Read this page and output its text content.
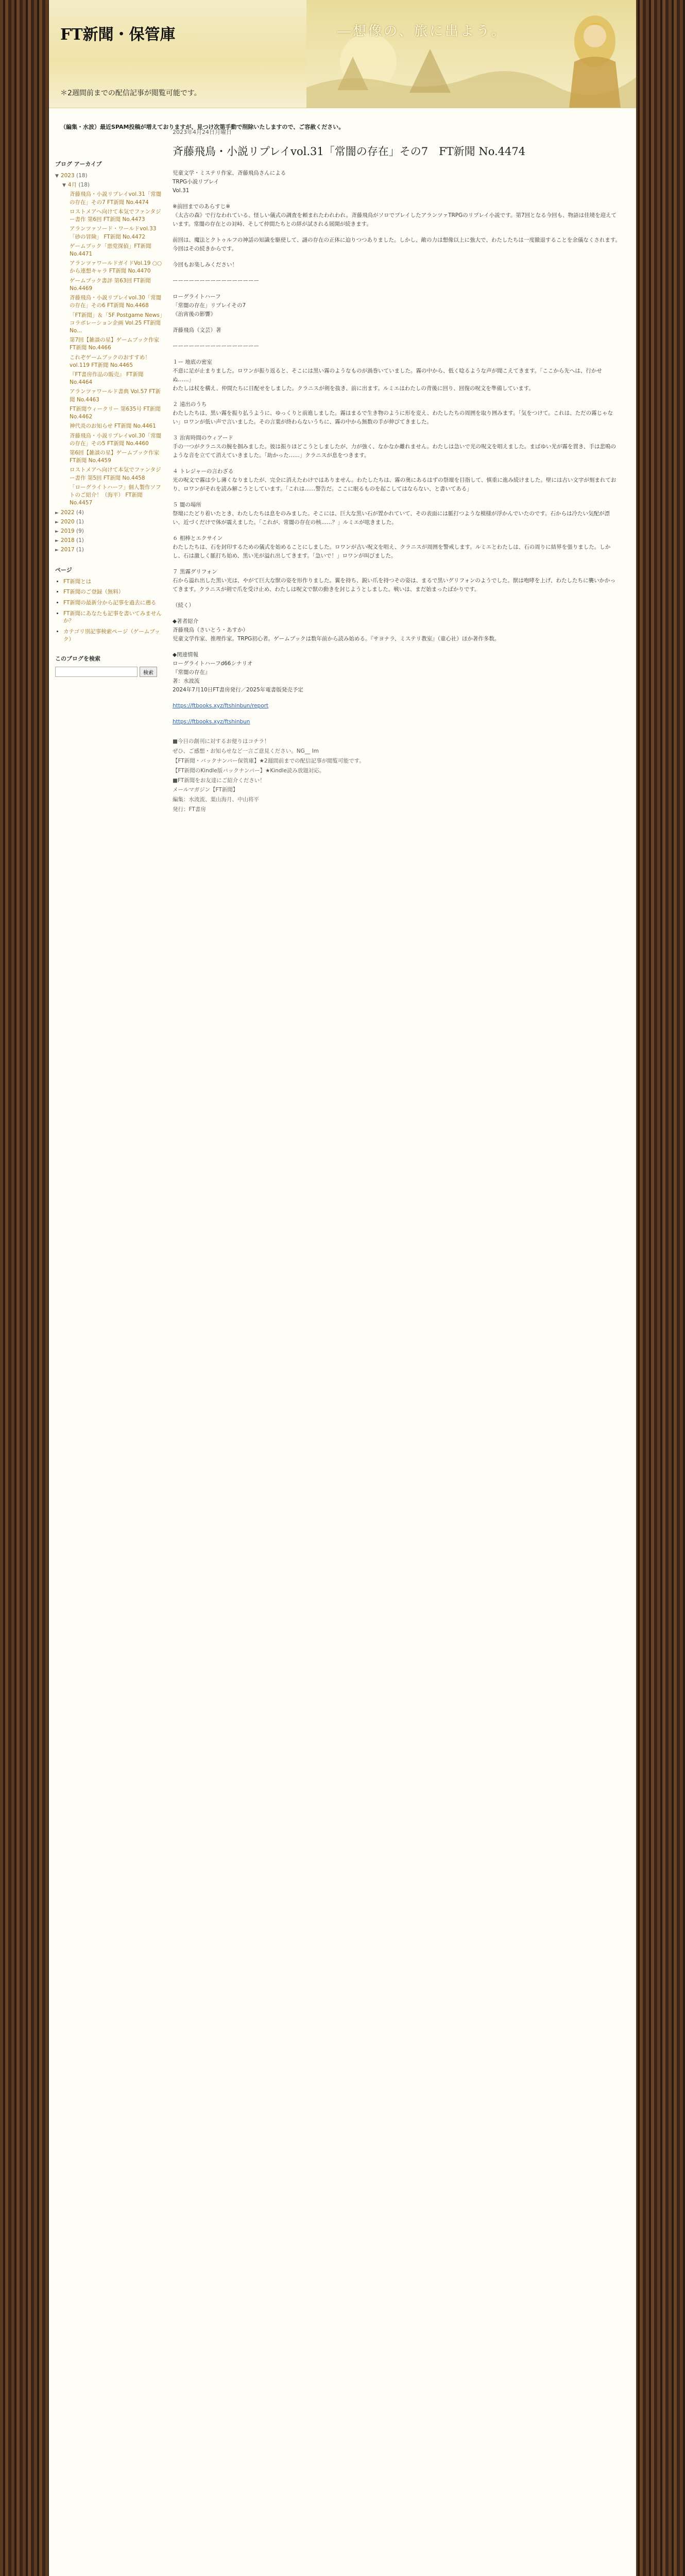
FT新聞・保管庫	―想像の、旅に出よう。
＊2週間前までの配信記事が閲覧可能です。
（編集・水波）最近SPAM投稿が増えておりますが、見つけ次第手動で削除いたしますので、ご容赦ください。
ブログ アーカイブ
▼ 2023 (18)
▼ 4月 (18)
斉藤飛鳥・小説リプレイvol.31「常闇の存在」その7 FT新聞 No.4474
ロストメアへ向けて本気でファンタジー書作 第6回 FT新聞 No.4473
アランツァソード・ワールドvol.33「砂の冒険」 FT新聞 No.4472
ゲームブック「悪党探偵」FT新聞 No.4471
アランツァワールドガイドVol.19 ○○から連想キャラ FT新聞 No.4470
ゲームブック書評 第63回 FT新聞 No.4469
斉藤飛鳥・小説リプレイvol.30「常闇の存在」その6 FT新聞 No.4468
「FT新聞」＆「5F Postgame News」コラボレーション企画 Vol.25 FT新聞 No...
第7回【雑談の星】ゲームブック作家 FT新聞 No.4466
これぞゲームブックのおすすめ！ vol.119 FT新聞 No.4465
『FT書房作品の販売』 FT新聞 No.4464
アランツァワールド書典 Vol.57 FT新聞 No.4463
FT新聞ウィークリー 第635号 FT新聞 No.4462
神代炎のお知らせ FT新聞 No.4461
斉藤飛鳥・小説リプレイvol.30「常闇の存在」その5 FT新聞 No.4460
第6回【雑談の星】ゲームブック作家 FT新聞 No.4459
ロストメアへ向けて本気でファンタジー書作 第5回 FT新聞 No.4458
「ローグライトハーフ」個人製作ソフトのご紹介！（海平） FT新聞 No.4457
► 2022 (4)
► 2020 (1)
► 2019 (9)
► 2018 (1)
► 2017 (1)
ページ
• FT新聞とは
• FT新聞のご登録（無料）
• FT新聞の最新分から記事を過去に遡る
• FT新聞にあなたも記事を書いてみませんか？
• カテゴリ別記事検索ページ（ゲームブック）
このブログを検索
検索
2023年4月24日月曜日
斉藤飛鳥・小説リプレイvol.31「常闇の存在」その7　FT新聞 No.4474

児童文学・ミステリ作家、斉藤飛鳥さんによる
TRPG小説リプレイ
Vol.31

※前回までのあらすじ※
《太古の森》で行なわれている、怪しい儀式の調査を頼まれたわれわれ。斉藤飛鳥がソロでプレイしたアランツァTRPGのリプレイ小説です。第7回となる今回も、物語は佳境を迎えています。常闇の存在との対峙、そして仲間たちとの絆が試される展開が続きます。

前回は、魔法とクトゥルフの神話の知識を駆使して、謎の存在の正体に迫りつつありました。しかし、敵の力は想像以上に強大で、わたしたちは一度撤退することを余儀なくされます。今回はその続きからです。

今回もお楽しみください！

ーーーーーーーーーーーーーーーー

ローグライトハーフ
「常闇の存在」リプレイその7
《治宵後の影響》

斉藤飛鳥（文芸）著

ーーーーーーーーーーーーーーーー

１ー 地底の密室
不意に足が止まりました。ロワンが振り返ると、そこには黒い霧のようなものが渦巻いていました。霧の中から、低く唸るような声が聞こえてきます。「ここから先へは、行かせぬ……」
わたしは杖を構え、仲間たちに目配せをしました。クラニスが剣を抜き、前に出ます。ルミエはわたしの背後に回り、回復の呪文を準備しています。

２ 遠出のうち
わたしたちは、黒い霧を振り払うように、ゆっくりと前進しました。霧はまるで生き物のように形を変え、わたしたちの周囲を取り囲みます。「気をつけて。これは、ただの霧じゃない」ロワンが低い声で言いました。その言葉が終わらないうちに、霧の中から無数の手が伸びてきました。

３ 治宵時間のウィアード
手の一つがクラニスの腕を掴みました。彼は振りほどこうとしましたが、力が強く、なかなか離れません。わたしは急いで光の呪文を唱えました。まばゆい光が霧を貫き、手は悲鳴のような音を立てて消えていきました。「助かった……」クラニスが息をつきます。

４ トレジャーの言わざる
光の呪文で霧は少し薄くなりましたが、完全に消えたわけではありません。わたしたちは、霧の奥にあるはずの祭壇を目指して、慎重に進み続けました。壁には古い文字が刻まれており、ロワンがそれを読み解こうとしています。「これは……警告だ。ここに眠るものを起こしてはならない、と書いてある」

５ 闇の場所
祭壇にたどり着いたとき、わたしたちは息をのみました。そこには、巨大な黒い石が置かれていて、その表面には脈打つような模様が浮かんでいたのです。石からは冷たい気配が漂い、近づくだけで体が震えました。「これが、常闇の存在の核……？」ルミエが呟きました。

６ 相棒とエクサイン
わたしたちは、石を封印するための儀式を始めることにしました。ロワンが古い呪文を唱え、クラニスが周囲を警戒します。ルミエとわたしは、石の周りに結界を張りました。しかし、石は激しく脈打ち始め、黒い光が溢れ出してきます。「急いで！」ロワンが叫びました。

７ 黒霧グリフォン
石から溢れ出した黒い光は、やがて巨大な獣の姿を形作りました。翼を持ち、鋭い爪を持つその姿は、まるで黒いグリフォンのようでした。獣は咆哮を上げ、わたしたちに襲いかかってきます。クラニスが剣で爪を受け止め、わたしは呪文で獣の動きを封じようとしました。戦いは、まだ始まったばかりです。

（続く）

◆著者紹介
斉藤飛鳥（さいとう・あすか）
児童文学作家、推理作家。TRPG初心者。ゲームブックは数年前から読み始める。『サヨナラ、ミステリ教室』（童心社）ほか著作多数。

◆関連情報
ローグライトハーフd66シナリオ
『常闇の存在』
著：水波流
2024年7月10日FT書房発行／2025年電書版発売予定

https://ftbooks.xyz/ftshinbun/report

https://ftbooks.xyz/ftshinbun

■今日の創刊に対するお便りはコチラ！
ぜひ、ご感想・お知らせなど一言ご意見ください。NG__ Im
【FT新聞・バックナンバー保管庫】★2週間前までの配信記事が閲覧可能です。
【FT新聞のKindle版バックナンバー】★Kindle読み放題対応。
■FT新聞をお友達にご紹介ください！
メールマガジン【FT新聞】
編集：水波流、葉山海月、中山将平
発行：FT書房
